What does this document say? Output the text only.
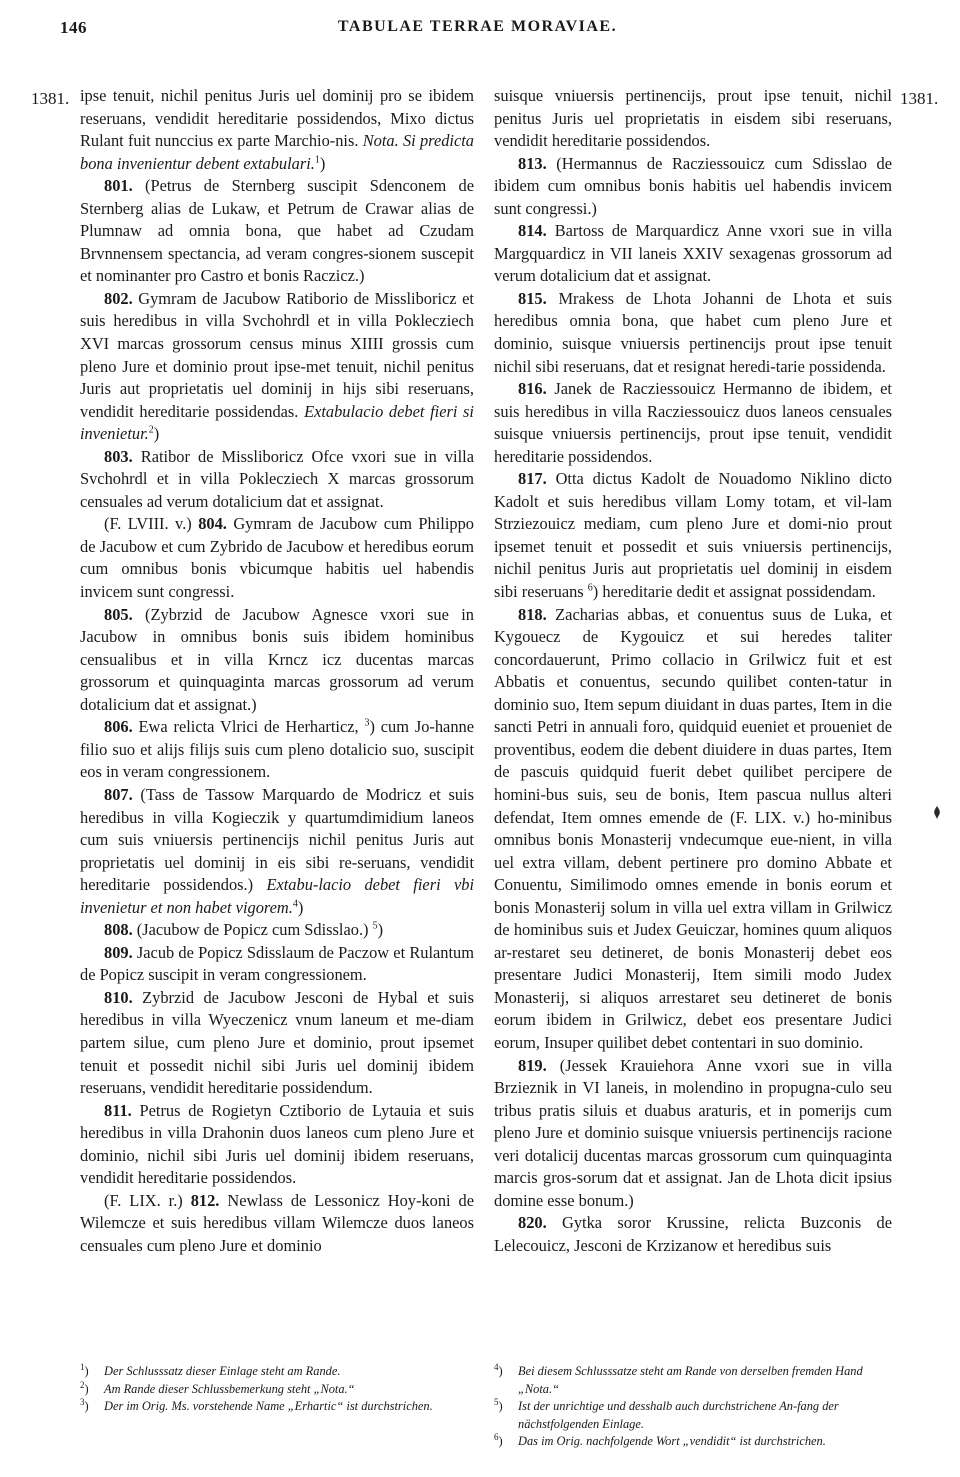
146	TABULAE TERRAE MORAVIAE.
1381.	1381.

ipse tenuit, nichil penitus Juris uel dominij pro se ibidem reseruans, vendidit hereditarie possidendos, Mixo dictus Rulant fuit nunccius ex parte Marchio-nis. Nota. Si predicta bona invenientur debent extabulari.$^1$)

801. (Petrus de Sternberg suscipit Sdenconem de Sternberg alias de Lukaw, et Petrum de Crawar alias de Plumnaw ad omnia bona, que habet ad Czudam Brvnnensem spectancia, ad veram congres-sionem suscepit et nominanter pro Castro et bonis Raczicz.)

802. Gymram de Jacubow Ratiborio de Missliboricz et suis heredibus in villa Svchohrdl et in villa Poklecziech XVI marcas grossorum census minus XIIII grossis cum pleno Jure et dominio prout ipse-met tenuit, nichil penitus Juris aut proprietatis uel dominij in hijs sibi reseruans, vendidit hereditarie possidendas. Extabulacio debet fieri si invenietur.$^2$)

803. Ratibor de Missliboricz Ofce vxori sue in villa Svchohrdl et in villa Poklecziech X marcas grossorum censuales ad verum dotalicium dat et assignat.

(F. LVIII. v.) 804. Gymram de Jacubow cum Philippo de Jacubow et cum Zybrido de Jacubow et heredibus eorum cum omnibus bonis vbicumque habitis uel habendis invicem sunt congressi.

805. (Zybrzid de Jacubow Agnesce vxori sue in Jacubow in omnibus bonis suis ibidem hominibus censualibus et in villa Krncz icz ducentas marcas grossorum et quinquaginta marcas grossorum ad verum dotalicium dat et assignat.)

806. Ewa relicta Vlrici de Herharticz, $^3$) cum Jo-hanne filio suo et alijs filijs suis cum pleno dotalicio suo, suscipit eos in veram congressionem.

807. (Tass de Tassow Marquardo de Modricz et suis heredibus in villa Kogieczik y quartumdimidium laneos cum suis vniuersis pertinencijs nichil penitus Juris aut proprietatis uel dominij in eis sibi re-seruans, vendidit hereditarie possidendos.) Extabu-lacio debet fieri vbi invenietur et non habet vigorem.$^4$)

808. (Jacubow de Popicz cum Sdisslao.) $^5$)

809. Jacub de Popicz Sdisslaum de Paczow et Rulantum de Popicz suscipit in veram congressionem.

810. Zybrzid de Jacubow Jesconi de Hybal et suis heredibus in villa Wyeczenicz vnum laneum et me-diam partem silue, cum pleno Jure et dominio, prout ipsemet tenuit et possedit nichil sibi Juris uel dominij ibidem reseruans, vendidit hereditarie possidendum.

811. Petrus de Rogietyn Cztiborio de Lytauia et suis heredibus in villa Drahonin duos laneos cum pleno Jure et dominio, nichil sibi Juris uel dominij ibidem reseruans, vendidit hereditarie possidendos.

(F. LIX. r.) 812. Newlass de Lessonicz Hoy-koni de Wilemcze et suis heredibus villam Wilemcze duos laneos censuales cum pleno Jure et dominio

suisque vniuersis pertinencijs, prout ipse tenuit, nichil penitus Juris uel proprietatis in eisdem sibi reseruans, vendidit hereditarie possidendos.

813. (Hermannus de Racziessouicz cum Sdisslao de ibidem cum omnibus bonis habitis uel habendis invicem sunt congressi.)

814. Bartoss de Marquardicz Anne vxori sue in villa Margquardicz in VII laneis XXIV sexagenas grossorum ad verum dotalicium dat et assignat.

815. Mrakess de Lhota Johanni de Lhota et suis heredibus omnia bona, que habet cum pleno Jure et dominio, suisque vniuersis pertinencijs prout ipse tenuit nichil sibi reseruans, dat et resignat heredi-tarie possidenda.

816. Janek de Racziessouicz Hermanno de ibidem, et suis heredibus in villa Racziessouicz duos laneos censuales suisque vniuersis pertinencijs, prout ipse tenuit, vendidit hereditarie possidendos.

817. Otta dictus Kadolt de Nouadomo Niklino dicto Kadolt et suis heredibus villam Lomy totam, et vil-lam Strziezouicz mediam, cum pleno Jure et domi-nio prout ipsemet tenuit et possedit et suis vniuersis pertinencijs, nichil penitus Juris aut proprietatis uel dominij in eisdem sibi reseruans $^6$) hereditarie dedit et assignat possidendam.

818. Zacharias abbas, et conuentus suus de Luka, et Kygouecz de Kygouicz et sui heredes taliter concordauerunt, Primo collacio in Grilwicz fuit et est Abbatis et conuentus, secundo quilibet conten-tatur in dominio suo, Item sepum diuidant in duas partes, Item in die sancti Petri in annuali foro, quidquid eueniet et proueniet de proventibus, eodem die debent diuidere in duas partes, Item de pascuis quidquid fuerit debet quilibet percipere de homini-bus suis, seu de bonis, Item pascua nullus alteri defendat, Item omnes emende de (F. LIX. v.) ho-minibus omnibus bonis Monasterij vndecumque eue-nient, in villa uel extra villam, debent pertinere pro domino Abbate et Conuentu, Similimodo omnes emende in bonis eorum et bonis Monasterij solum in villa uel extra villam in Grilwicz de hominibus suis et Judex Geuiczar, homines quum aliquos ar-restaret seu detineret, de bonis Monasterij debet eos presentare Judici Monasterij, Item simili modo Judex Monasterij, si aliquos arrestaret seu detineret de bonis eorum ibidem in Grilwicz, debet eos presentare Judici eorum, Insuper quilibet debet contentari in suo dominio.

819. (Jessek Krauiehora Anne vxori sue in villa Brzieznik in VI laneis, in molendino in propugna-culo seu tribus pratis siluis et duabus araturis, et in pomerijs cum pleno Jure et dominio suisque vniuersis pertinencijs racione veri dotalicij ducentas marcas grossorum cum quinquaginta marcis gros-sorum dat et assignat. Jan de Lhota dicit ipsius domine esse bonum.)

820. Gytka soror Krussine, relicta Buzconis de Lelecouicz, Jesconi de Krzizanow et heredibus suis

$^1$) Der Schlusssatz dieser Einlage steht am Rande.

$^2$) Am Rande dieser Schlussbemerkung steht „Nota.“

$^3$) Der im Orig. Ms. vorstehende Name „Erhartic“ ist durchstrichen.

$^4$) Bei diesem Schlusssatze steht am Rande von derselben fremden Hand „Nota.“

$^5$) Ist der unrichtige und desshalb auch durchstrichene An-fang der nächstfolgenden Einlage.

$^6$) Das im Orig. nachfolgende Wort „vendidit“ ist durchstrichen.
